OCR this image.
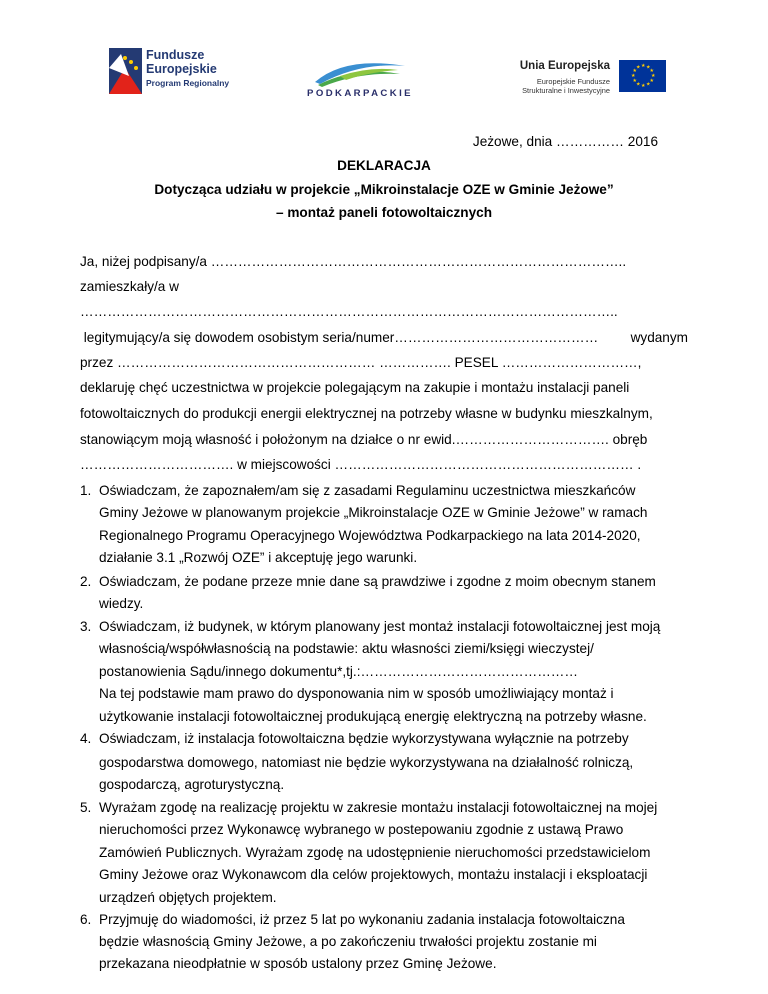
Fundusze
Europejskie
Program Regionalny
PODKARPACKIE
Unia Europejska
Europejskie Fundusze
Strukturalne i Inwestycyjne
★ ★
★
★
★
★
★
★
★
★
★
★
Jeżowe, dnia …………… 2016
DEKLARACJA
Dotycząca udziału w projekcie „Mikroinstalacje OZE w Gminie Jeżowe”
– montaż paneli fotowoltaicznych
Ja, niżej podpisany/a ………………………………………………………………………………..
zamieszkały/a w
………………………………………………………………………………………………………..
legitymujący/a się dowodem osobistym seria/numer……………………………………… wydanym
przez ………………………………………………… ……………. PESEL …………………………,
deklaruję chęć uczestnictwa w projekcie polegającym na zakupie i montażu instalacji paneli
fotowoltaicznych do produkcji energii elektrycznej na potrzeby własne w budynku mieszkalnym,
stanowiącym moją własność i położonym na działce o nr ewid.……………………………. obręb
……………………………. w miejscowości ………………………………………………………… .
1. Oświadczam, że zapoznałem/am się z zasadami Regulaminu uczestnictwa mieszkańców
Gminy Jeżowe w planowanym projekcie „Mikroinstalacje OZE w Gminie Jeżowe” w ramach
Regionalnego Programu Operacyjnego Województwa Podkarpackiego na lata 2014-2020,
działanie 3.1 „Rozwój OZE” i akceptuję jego warunki.
2. Oświadczam, że podane przeze mnie dane są prawdziwe i zgodne z moim obecnym stanem
wiedzy.
3. Oświadczam, iż budynek, w którym planowany jest montaż instalacji fotowoltaicznej jest moją
własnością/współwłasnością na podstawie: aktu własności ziemi/księgi wieczystej/
postanowienia Sądu/innego dokumentu*,tj.:…………………………………………
Na tej podstawie mam prawo do dysponowania nim w sposób umożliwiający montaż i
użytkowanie instalacji fotowoltaicznej produkującą energię elektryczną na potrzeby własne.
4. Oświadczam, iż instalacja fotowoltaiczna będzie wykorzystywana wyłącznie na potrzeby
gospodarstwa domowego, natomiast nie będzie wykorzystywana na działalność rolniczą,
gospodarczą, agroturystyczną.
5. Wyrażam zgodę na realizację projektu w zakresie montażu instalacji fotowoltaicznej na mojej
nieruchomości przez Wykonawcę wybranego w postepowaniu zgodnie z ustawą Prawo
Zamówień Publicznych. Wyrażam zgodę na udostępnienie nieruchomości przedstawicielom
Gminy Jeżowe oraz Wykonawcom dla celów projektowych, montażu instalacji i eksploatacji
urządzeń objętych projektem.
6. Przyjmuję do wiadomości, iż przez 5 lat po wykonaniu zadania instalacja fotowoltaiczna
będzie własnością Gminy Jeżowe, a po zakończeniu trwałości projektu zostanie mi
przekazana nieodpłatnie w sposób ustalony przez Gminę Jeżowe.
